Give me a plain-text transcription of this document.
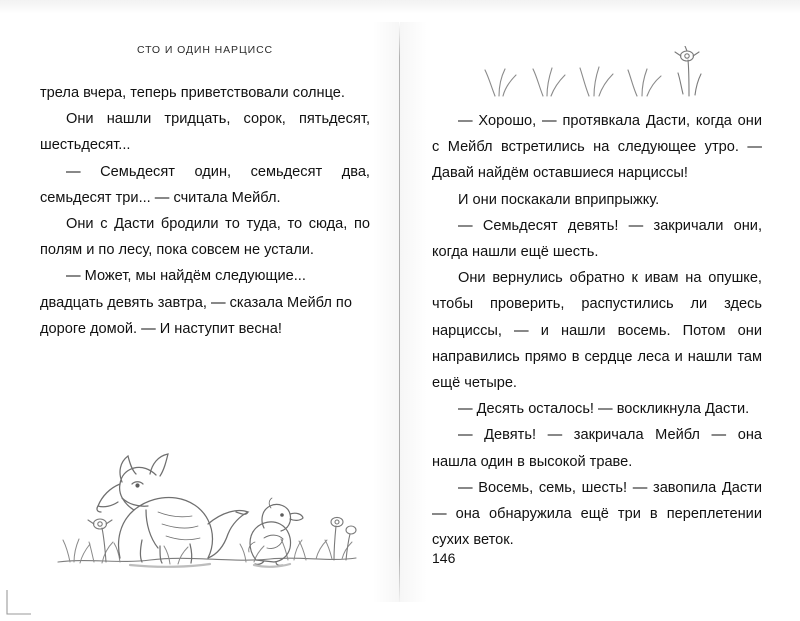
СТО И ОДИН НАРЦИСС

трела вчера, теперь приветствовали солнце.

Они нашли тридцать, сорок, пятьдесят, шестьдесят...

— Семьдесят один, семьдесят два, семьдесят три... — считала Мейбл.

Они с Дасти бродили то туда, то сюда, по полям и по лесу, пока совсем не устали.

— Может, мы найдём следующие... двадцать девять завтра, — сказала Мейбл по дороге домой. — И наступит весна!

— Хорошо, — протявкала Дасти, когда они с Мейбл встретились на следующее утро. — Давай найдём оставшиеся нарциссы!

И они поскакали вприпрыжку.

— Семьдесят девять! — закричали они, когда нашли ещё шесть.

Они вернулись обратно к ивам на опушке, чтобы проверить, распустились ли здесь нарциссы, — и нашли восемь. Потом они направились прямо в сердце леса и нашли там ещё четыре.

— Десять осталось! — воскликнула Дасти.

— Девять! — закричала Мейбл — она нашла один в высокой траве.

— Восемь, семь, шесть! — завопила Дасти — она обнаружила ещё три в переплетении сухих веток.

146
